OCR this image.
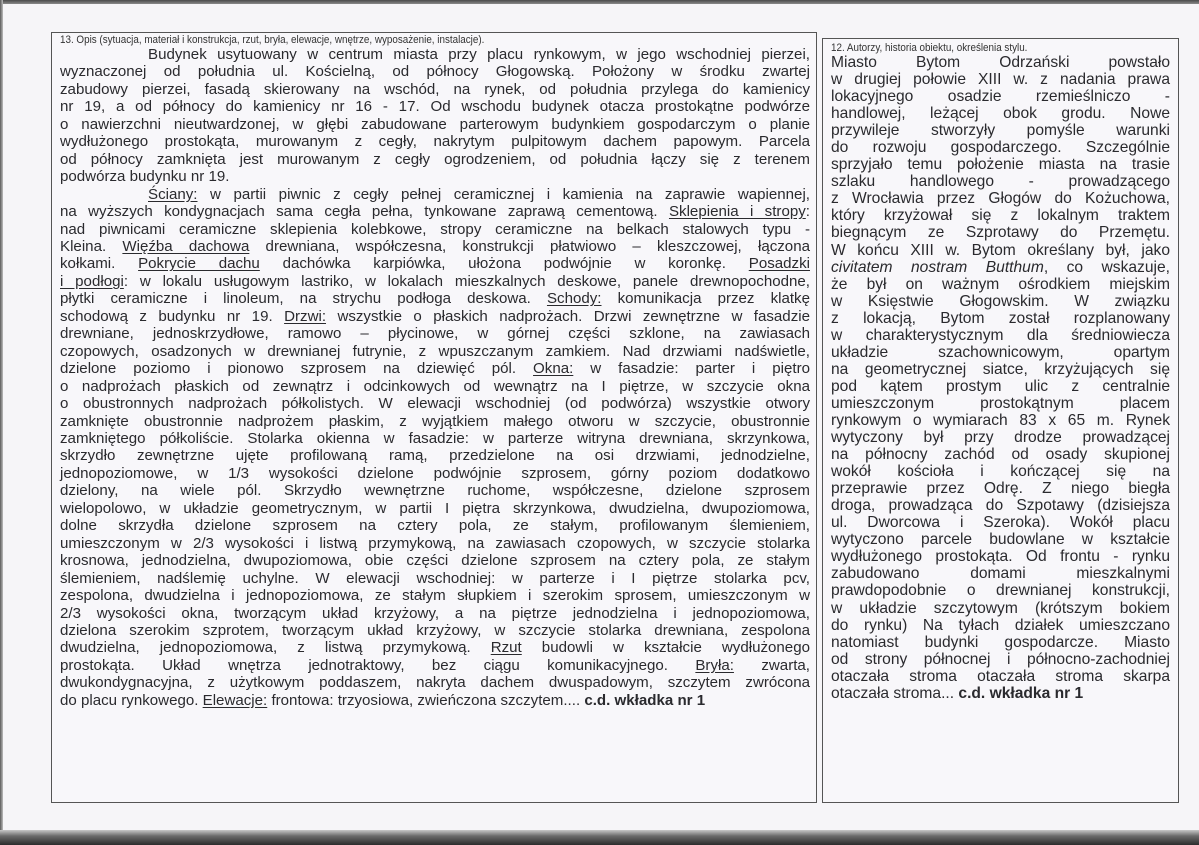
13. Opis (sytuacja, materiał i konstrukcja, rzut, bryła, elewacje, wnętrze, wyposażenie, instalacje).
Budynek usytuowany w centrum miasta przy placu rynkowym, w jego wschodniej pierzei,
wyznaczonej od południa ul. Kościelną, od północy Głogowską. Położony w środku zwartej
zabudowy pierzei, fasadą skierowany na wschód, na rynek, od południa przylega do kamienicy
nr 19, a od północy do kamienicy nr 16 - 17. Od wschodu budynek otacza prostokątne podwórze
o nawierzchni nieutwardzonej, w głębi zabudowane parterowym budynkiem gospodarczym o planie
wydłużonego prostokąta, murowanym z cegły, nakrytym pulpitowym dachem papowym. Parcela
od północy zamknięta jest murowanym z cegły ogrodzeniem, od południa łączy się z terenem
podwórza budynku nr 19.
Ściany: w partii piwnic z cegły pełnej ceramicznej i kamienia na zaprawie wapiennej,
na wyższych kondygnacjach sama cegła pełna, tynkowane zaprawą cementową. Sklepienia i stropy:
nad piwnicami ceramiczne sklepienia kolebkowe, stropy ceramiczne na belkach stalowych typu -
Kleina. Więźba dachowa drewniana, współczesna, konstrukcji płatwiowo – kleszczowej, łączona
kołkami. Pokrycie dachu dachówka karpiówka, ułożona podwójnie w koronkę. Posadzki
i podłogi: w lokalu usługowym lastriko, w lokalach mieszkalnych deskowe, panele drewnopochodne,
płytki ceramiczne i linoleum, na strychu podłoga deskowa. Schody: komunikacja przez klatkę
schodową z budynku nr 19. Drzwi: wszystkie o płaskich nadprożach. Drzwi zewnętrzne w fasadzie
drewniane, jednoskrzydłowe, ramowo – płycinowe, w górnej części szklone, na zawiasach
czopowych, osadzonych w drewnianej futrynie, z wpuszczanym zamkiem. Nad drzwiami nadświetle,
dzielone poziomo i pionowo szprosem na dziewięć pól. Okna: w fasadzie: parter i piętro
o nadprożach płaskich od zewnątrz i odcinkowych od wewnątrz na I piętrze, w szczycie okna
o obustronnych nadprożach półkolistych. W elewacji wschodniej (od podwórza) wszystkie otwory
zamknięte obustronnie nadprożem płaskim, z wyjątkiem małego otworu w szczycie, obustronnie
zamkniętego półkoliście. Stolarka okienna w fasadzie: w parterze witryna drewniana, skrzynkowa,
skrzydło zewnętrzne ujęte profilowaną ramą, przedzielone na osi drzwiami, jednodzielne,
jednopoziomowe, w 1/3 wysokości dzielone podwójnie szprosem, górny poziom dodatkowo
dzielony, na wiele pól. Skrzydło wewnętrzne ruchome, współczesne, dzielone szprosem
wielopolowo, w układzie geometrycznym, w partii I piętra skrzynkowa, dwudzielna, dwupoziomowa,
dolne skrzydła dzielone szprosem na cztery pola, ze stałym, profilowanym ślemieniem,
umieszczonym w 2/3 wysokości i listwą przymykową, na zawiasach czopowych, w szczycie stolarka
krosnowa, jednodzielna, dwupoziomowa, obie części dzielone szprosem na cztery pola, ze stałym
ślemieniem, nadślemię uchylne. W elewacji wschodniej: w parterze i I piętrze stolarka pcv,
zespolona, dwudzielna i jednopoziomowa, ze stałym słupkiem i szerokim sprosem, umieszczonym w
2/3 wysokości okna, tworzącym układ krzyżowy, a na piętrze jednodzielna i jednopoziomowa,
dzielona szerokim szprotem, tworzącym układ krzyżowy, w szczycie stolarka drewniana, zespolona
dwudzielna, jednopoziomowa, z listwą przymykową. Rzut budowli w kształcie wydłużonego
prostokąta. Układ wnętrza jednotraktowy, bez ciągu komunikacyjnego. Bryła: zwarta,
dwukondygnacyjna, z użytkowym poddaszem, nakryta dachem dwuspadowym, szczytem zwrócona
do placu rynkowego. Elewacje: frontowa: trzyosiowa, zwieńczona szczytem.... c.d. wkładka nr 1
12. Autorzy, historia obiektu, określenia stylu.
Miasto Bytom Odrzański powstało
w drugiej połowie XIII w. z nadania prawa
lokacyjnego osadzie rzemieślniczo -
handlowej, leżącej obok grodu. Nowe
przywileje stworzyły pomyśle warunki
do rozwoju gospodarczego. Szczególnie
sprzyjało temu położenie miasta na trasie
szlaku handlowego - prowadzącego
z Wrocławia przez Głogów do Kożuchowa,
który krzyżował się z lokalnym traktem
biegnącym ze Szprotawy do Przemętu.
W końcu XIII w. Bytom określany był, jako
civitatem nostram Butthum, co wskazuje,
że był on ważnym ośrodkiem miejskim
w Księstwie Głogowskim. W związku
z lokacją, Bytom został rozplanowany
w charakterystycznym dla średniowiecza
układzie szachownicowym, opartym
na geometrycznej siatce, krzyżujących się
pod kątem prostym ulic z centralnie
umieszczonym prostokątnym placem
rynkowym o wymiarach 83 x 65 m. Rynek
wytyczony był przy drodze prowadzącej
na północny zachód od osady skupionej
wokół kościoła i kończącej się na
przeprawie przez Odrę. Z niego biegła
droga, prowadząca do Szpotawy (dzisiejsza
ul. Dworcowa i Szeroka). Wokół placu
wytyczono parcele budowlane w kształcie
wydłużonego prostokąta. Od frontu - rynku
zabudowano domami mieszkalnymi
prawdopodobnie o drewnianej konstrukcji,
w układzie szczytowym (krótszym bokiem
do rynku) Na tyłach działek umieszczano
natomiast budynki gospodarcze. Miasto
od strony północnej i północno-zachodniej
otaczała stroma otaczała stroma skarpa
otaczała stroma... c.d. wkładka nr 1
